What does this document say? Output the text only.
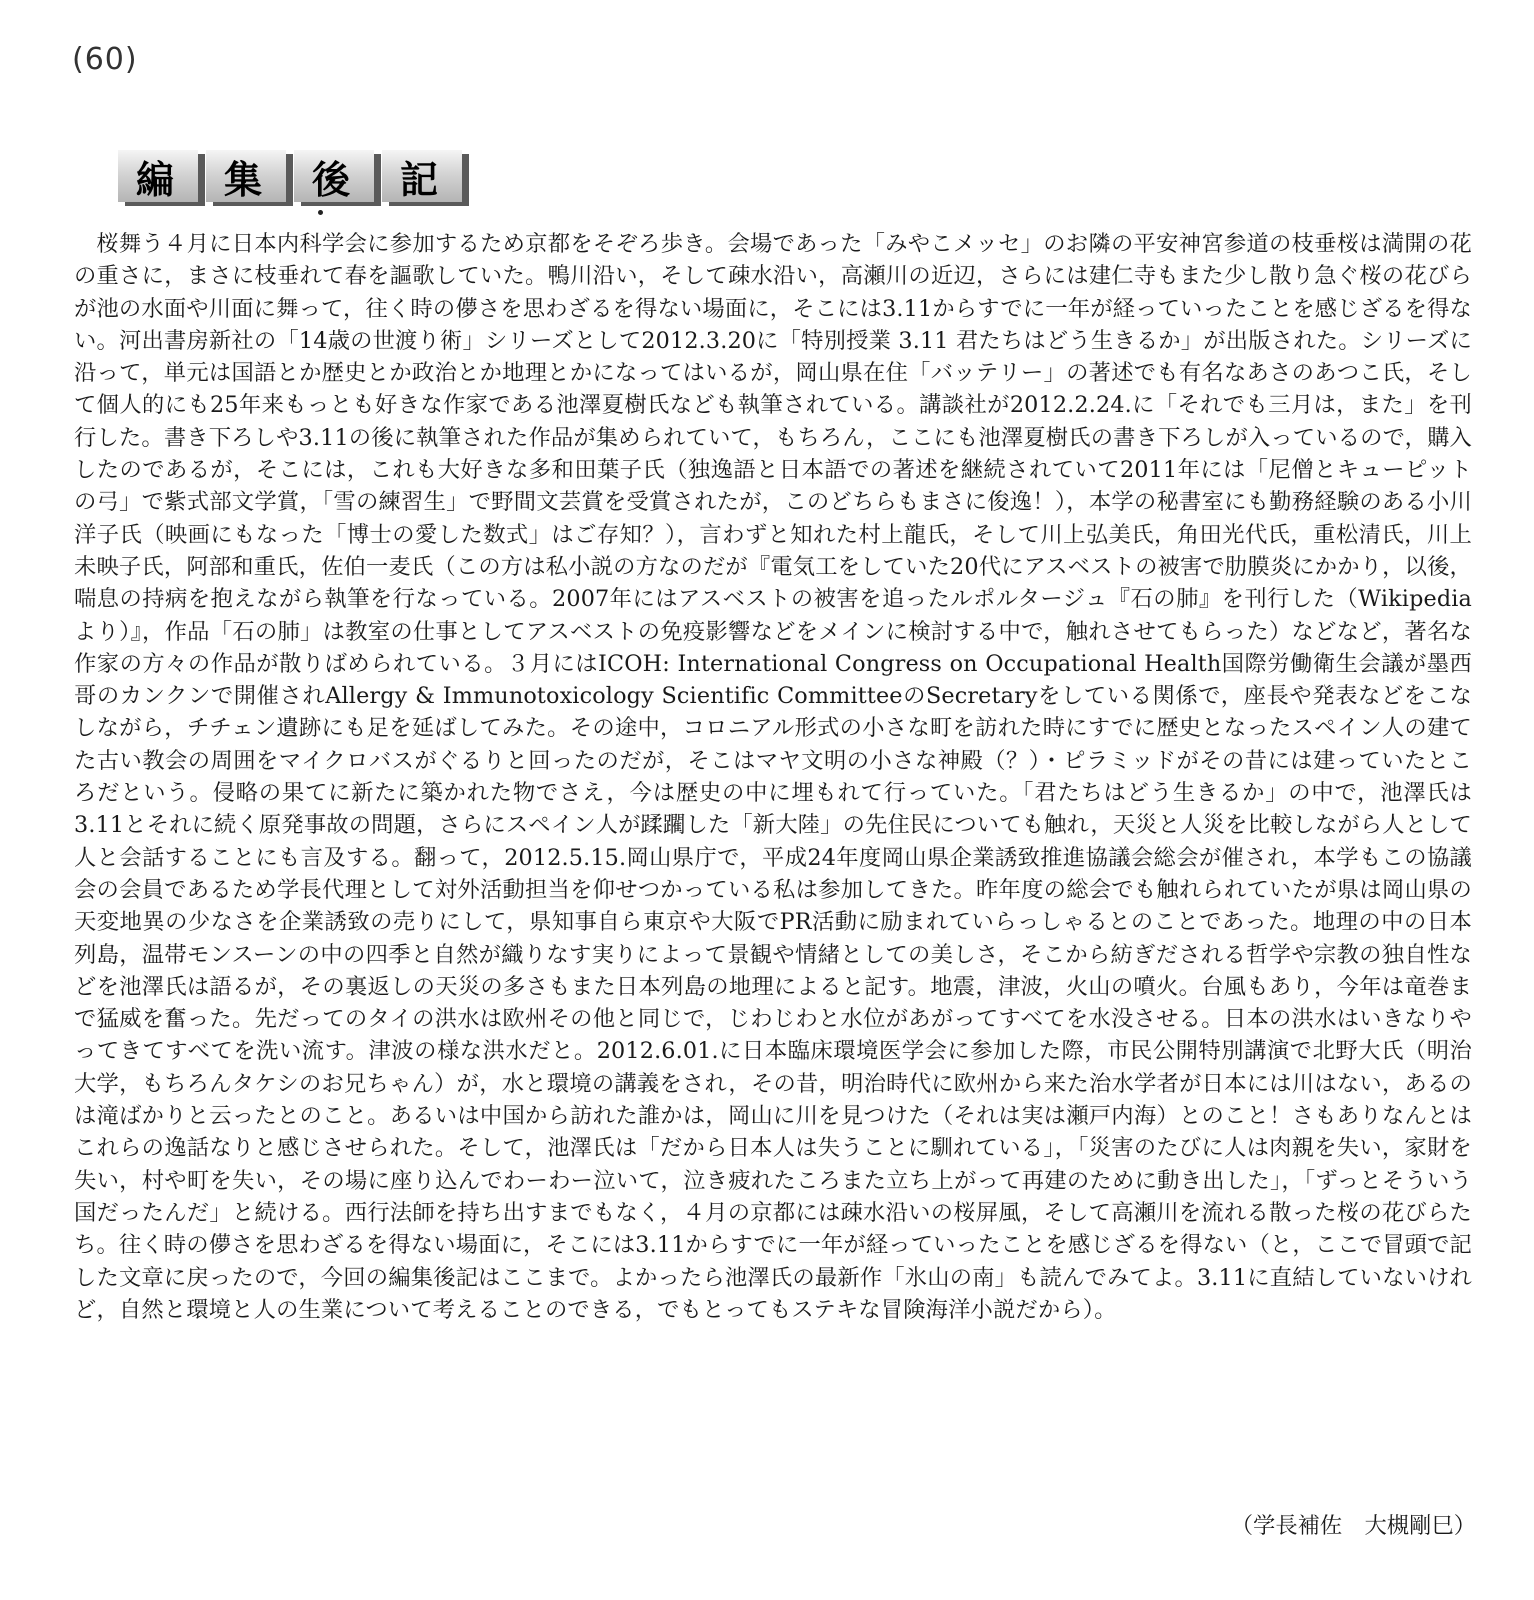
(60)
編 集 後 記

桜舞う４月に日本内科学会に参加するため京都をそぞろ歩き。会場であった「みやこメッセ」のお隣の平安神宮参道の枝垂桜は満開の花の重さに，まさに枝垂れて春を謳歌していた。鴨川沿い，そして疎水沿い，高瀬川の近辺，さらには建仁寺もまた少し散り急ぐ桜の花びらが池の水面や川面に舞って，往く時の儚さを思わざるを得ない場面に，そこには3.11からすでに一年が経っていったことを感じざるを得ない。河出書房新社の「14歳の世渡り術」シリーズとして2012.3.20に「特別授業 3.11 君たちはどう生きるか」が出版された。シリーズに沿って，単元は国語とか歴史とか政治とか地理とかになってはいるが，岡山県在住「バッテリー」の著述でも有名なあさのあつこ氏，そして個人的にも25年来もっとも好きな作家である池澤夏樹氏なども執筆されている。講談社が2012.2.24.に「それでも三月は，また」を刊行した。書き下ろしや3.11の後に執筆された作品が集められていて，もちろん，ここにも池澤夏樹氏の書き下ろしが入っているので，購入したのであるが，そこには，これも大好きな多和田葉子氏（独逸語と日本語での著述を継続されていて2011年には「尼僧とキューピットの弓」で紫式部文学賞，「雪の練習生」で野間文芸賞を受賞されたが，このどちらもまさに俊逸！），本学の秘書室にも勤務経験のある小川洋子氏（映画にもなった「博士の愛した数式」はご存知？），言わずと知れた村上龍氏，そして川上弘美氏，角田光代氏，重松清氏，川上未映子氏，阿部和重氏，佐伯一麦氏（この方は私小説の方なのだが『電気工をしていた20代にアスベストの被害で肋膜炎にかかり，以後，喘息の持病を抱えながら執筆を行なっている。2007年にはアスベストの被害を追ったルポルタージュ『石の肺』を刊行した（Wikipediaより）』，作品「石の肺」は教室の仕事としてアスベストの免疫影響などをメインに検討する中で，触れさせてもらった）などなど，著名な作家の方々の作品が散りばめられている。３月にはICOH: International Congress on Occupational Health国際労働衛生会議が墨西哥のカンクンで開催されAllergy & Immunotoxicology Scientific CommitteeのSecretaryをしている関係で，座長や発表などをこなしながら，チチェン遺跡にも足を延ばしてみた。その途中，コロニアル形式の小さな町を訪れた時にすでに歴史となったスペイン人の建てた古い教会の周囲をマイクロバスがぐるりと回ったのだが，そこはマヤ文明の小さな神殿（？）・ピラミッドがその昔には建っていたところだという。侵略の果てに新たに築かれた物でさえ，今は歴史の中に埋もれて行っていた。「君たちはどう生きるか」の中で，池澤氏は3.11とそれに続く原発事故の問題，さらにスペイン人が蹂躙した「新大陸」の先住民についても触れ，天災と人災を比較しながら人として人と会話することにも言及する。翻って，2012.5.15.岡山県庁で，平成24年度岡山県企業誘致推進協議会総会が催され，本学もこの協議会の会員であるため学長代理として対外活動担当を仰せつかっている私は参加してきた。昨年度の総会でも触れられていたが県は岡山県の天変地異の少なさを企業誘致の売りにして，県知事自ら東京や大阪でPR活動に励まれていらっしゃるとのことであった。地理の中の日本列島，温帯モンスーンの中の四季と自然が織りなす実りによって景観や情緒としての美しさ，そこから紡ぎだされる哲学や宗教の独自性などを池澤氏は語るが，その裏返しの天災の多さもまた日本列島の地理によると記す。地震，津波，火山の噴火。台風もあり，今年は竜巻まで猛威を奮った。先だってのタイの洪水は欧州その他と同じで，じわじわと水位があがってすべてを水没させる。日本の洪水はいきなりやってきてすべてを洗い流す。津波の様な洪水だと。2012.6.01.に日本臨床環境医学会に参加した際，市民公開特別講演で北野大氏（明治大学，もちろんタケシのお兄ちゃん）が，水と環境の講義をされ，その昔，明治時代に欧州から来た治水学者が日本には川はない，あるのは滝ばかりと云ったとのこと。あるいは中国から訪れた誰かは，岡山に川を見つけた（それは実は瀬戸内海）とのこと！さもありなんとはこれらの逸話なりと感じさせられた。そして，池澤氏は「だから日本人は失うことに馴れている」，「災害のたびに人は肉親を失い，家財を失い，村や町を失い，その場に座り込んでわーわー泣いて，泣き疲れたころまた立ち上がって再建のために動き出した」，「ずっとそういう国だったんだ」と続ける。西行法師を持ち出すまでもなく，４月の京都には疎水沿いの桜屏風，そして高瀬川を流れる散った桜の花びらたち。往く時の儚さを思わざるを得ない場面に，そこには3.11からすでに一年が経っていったことを感じざるを得ない（と，ここで冒頭で記した文章に戻ったので，今回の編集後記はここまで。よかったら池澤氏の最新作「氷山の南」も読んでみてよ。3.11に直結していないけれど，自然と環境と人の生業について考えることのできる，でもとってもステキな冒険海洋小説だから）。

（学長補佐　大槻剛巳）
